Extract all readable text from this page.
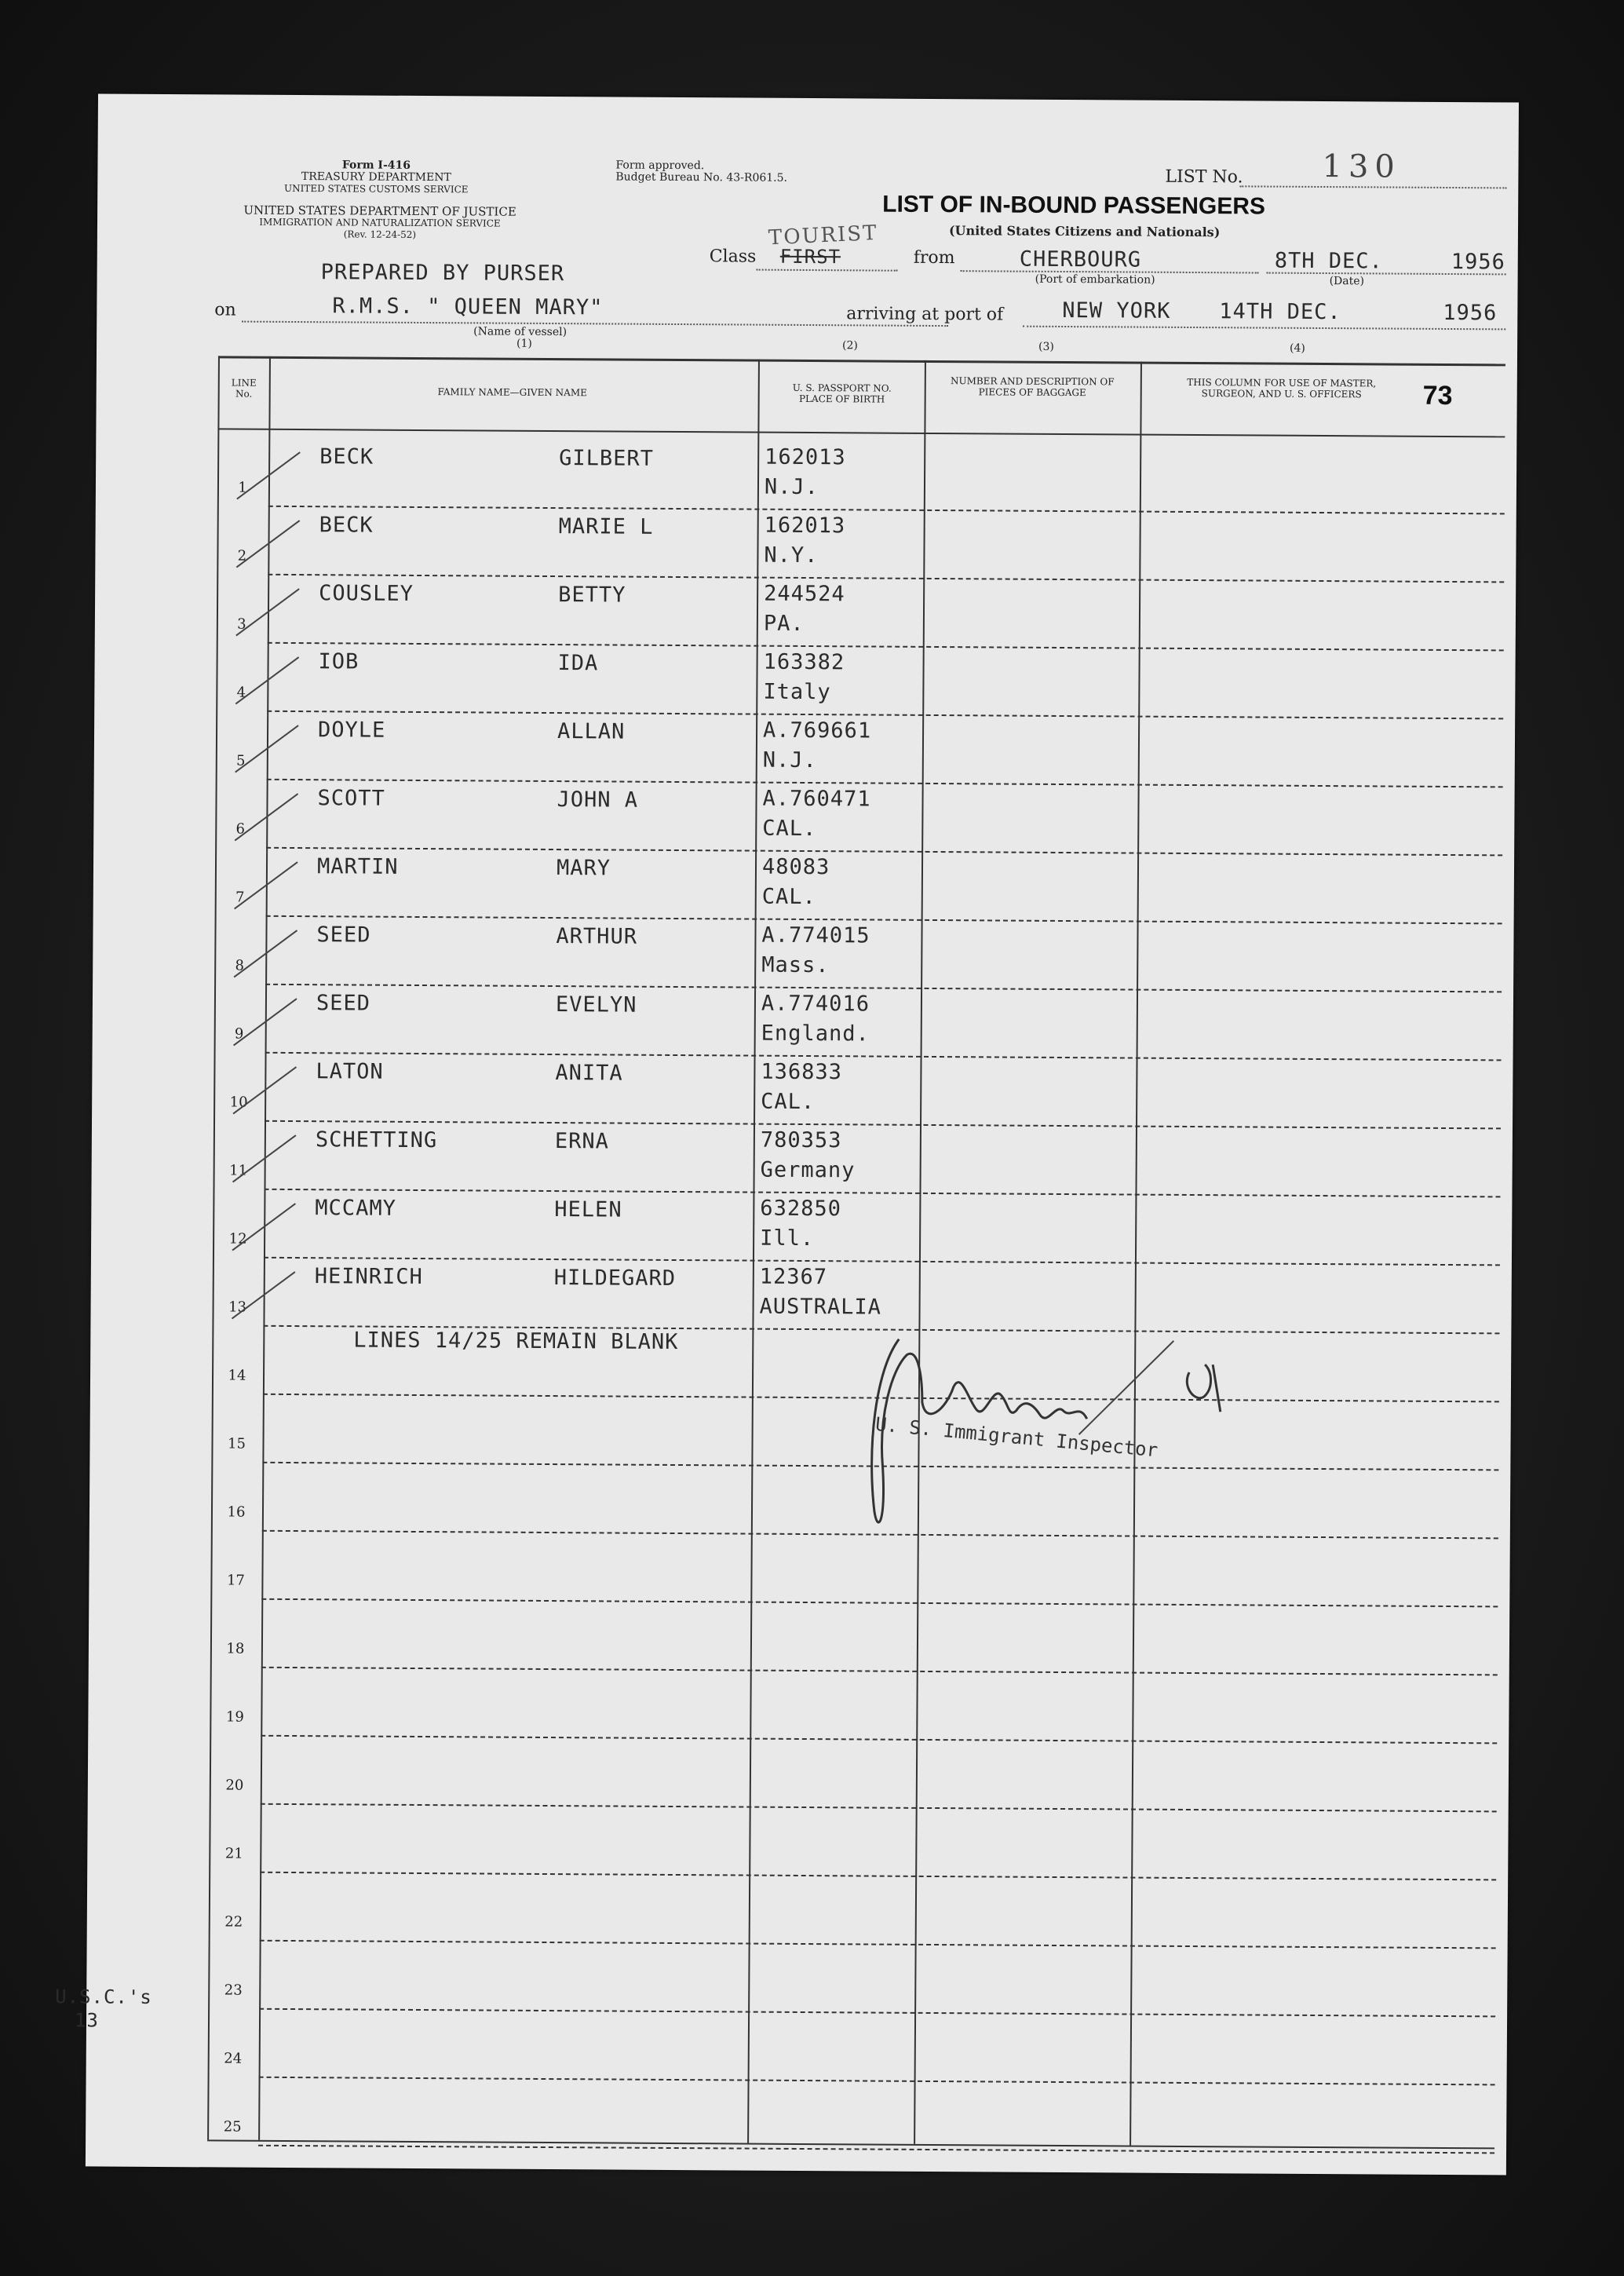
Form I-416
TREASURY DEPARTMENT
UNITED STATES CUSTOMS SERVICE
UNITED STATES DEPARTMENT OF JUSTICE
IMMIGRATION AND NATURALIZATION SERVICE
(Rev. 12-24-52)
Form approved.
Budget Bureau No. 43-R061.5.	LIST No.	130
LIST OF IN-BOUND PASSENGERS
(United States Citizens and Nationals)
TOURIST
Class FIRST	from	CHERBOURG	8TH DEC.	1956
(Port of embarkation)	(Date)
PREPARED BY PURSER
on	R.M.S. " QUEEN MARY"
(Name of vessel)
(1)
arriving at port of	NEW YORK 14TH DEC.	1956
(2)	(3)	(4)
LINE No.	FAMILY NAME—GIVEN NAME	U. S. PASSPORT NO. PLACE OF BIRTH
NUMBER AND DESCRIPTION OF PIECES OF BAGGAGE
THIS COLUMN FOR USE OF MASTER, SURGEON, AND U. S. OFFICERS	73
1
BECK	GILBERT	162013
N.J.
2
BECK	MARIE L	162013
N.Y.
3
COUSLEY	BETTY	244524
PA.
4
IOB	IDA	163382
Italy
5
DOYLE	ALLAN	A.769661
N.J.
6
SCOTT	JOHN A	A.760471
CAL.
7
MARTIN	MARY	48083
CAL.
8
SEED	ARTHUR	A.774015
Mass.
9
SEED	EVELYN	A.774016
England.
10
LATON	ANITA	136833
CAL.
11
SCHETTING	ERNA	780353
Germany
12
MCCAMY	HELEN	632850
Ill.
13
HEINRICH	HILDEGARD	12367
AUSTRALIA
14
15
16
17
18
19
20
21
22
23
24
25
LINES 14/25 REMAIN BLANK
U. S. Immigrant Inspector
U.S.C.'s
13
